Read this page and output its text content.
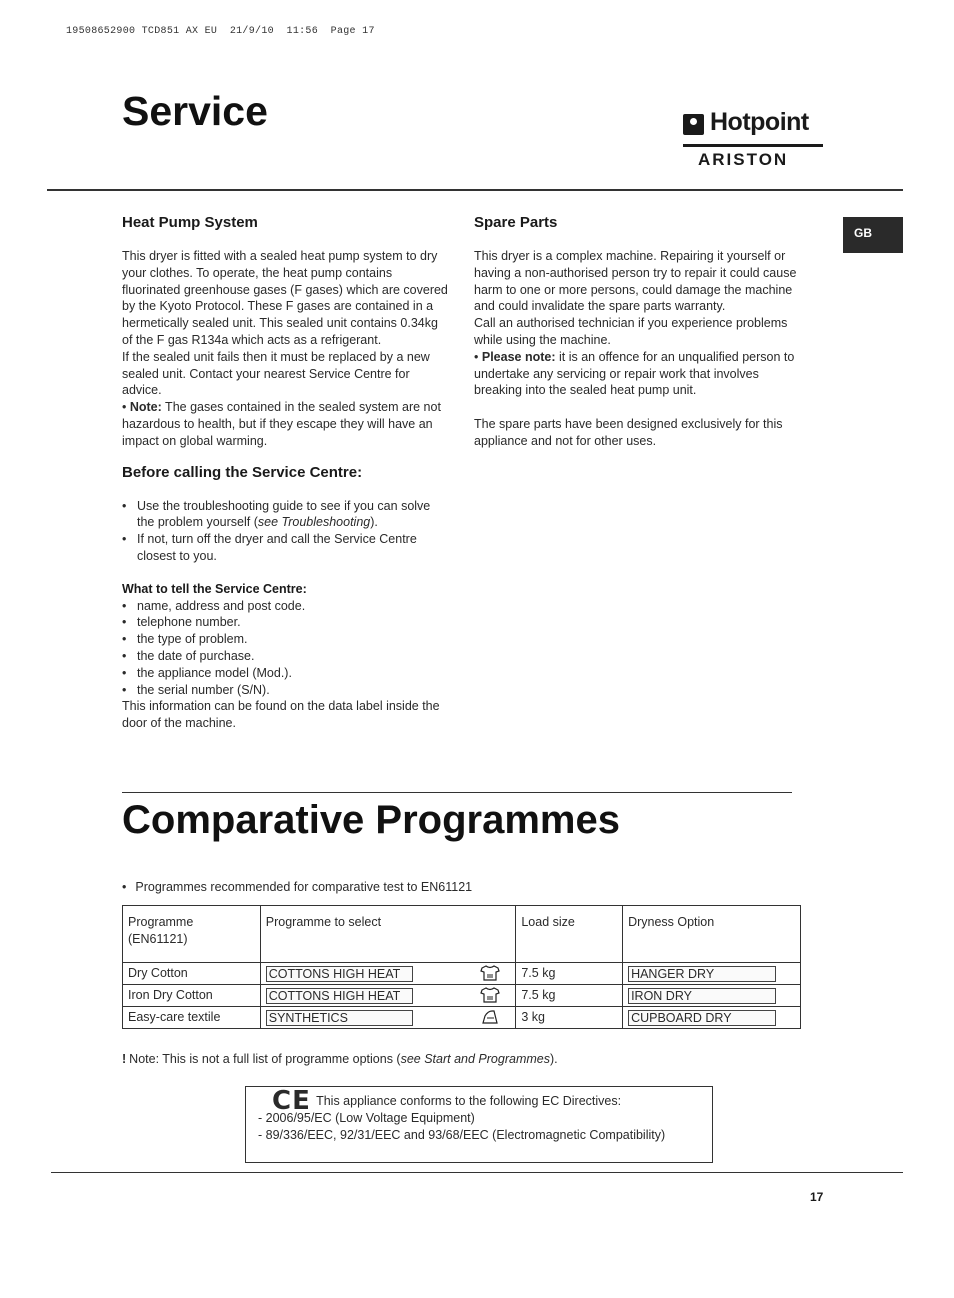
19508652900 TCD851 AX EU  21/9/10  11:56  Page 17
Service	Hotpoint
ARISTON
GB
Heat Pump System

This dryer is fitted with a sealed heat pump system to dry your clothes. To operate, the heat pump contains fluorinated greenhouse gases (F gases) which are covered by the Kyoto Protocol. These F gases are contained in a hermetically sealed unit. This sealed unit contains 0.34kg of the F gas R134a which acts as a refrigerant.

If the sealed unit fails then it must be replaced by a new sealed unit. Contact your nearest Service Centre for advice.

• Note: The gases contained in the sealed system are not hazardous to health, but if they escape they will have an impact on global warming.

Before calling the Service Centre:
• Use the troubleshooting guide to see if you can solve the problem yourself (see Troubleshooting).
• If not, turn off the dryer and call the Service Centre closest to you.
What to tell the Service Centre:
• name, address and post code.
• telephone number.
• the type of problem.
• the date of purchase.
• the appliance model (Mod.).
• the serial number (S/N).

This information can be found on the data label inside the door of the machine.

Spare Parts

This dryer is a complex machine. Repairing it yourself or having a non-authorised person try to repair it could cause harm to one or more persons, could damage the machine and could invalidate the spare parts warranty.

Call an authorised technician if you experience problems while using the machine.

• Please note: it is an offence for an unqualified person to undertake any servicing or repair work that involves breaking into the sealed heat pump unit.

The spare parts have been designed exclusively for this appliance and not for other uses.

Comparative Programmes
• Programmes recommended for comparative test to EN61121
Programme
(EN61121)	Programme to select	Load size	Dryness Option
Dry Cotton	COTTONS HIGH HEAT	7.5 kg	HANGER DRY
Iron Dry Cotton	COTTONS HIGH HEAT	7.5 kg	IRON DRY
Easy-care textile	SYNTHETICS	3 kg	CUPBOARD DRY
! Note: This is not a full list of programme options (see Start and Programmes).
CE This appliance conforms to the following EC Directives:
- 2006/95/EC (Low Voltage Equipment)
- 89/336/EEC, 92/31/EEC and 93/68/EEC (Electromagnetic Compatibility)
17
